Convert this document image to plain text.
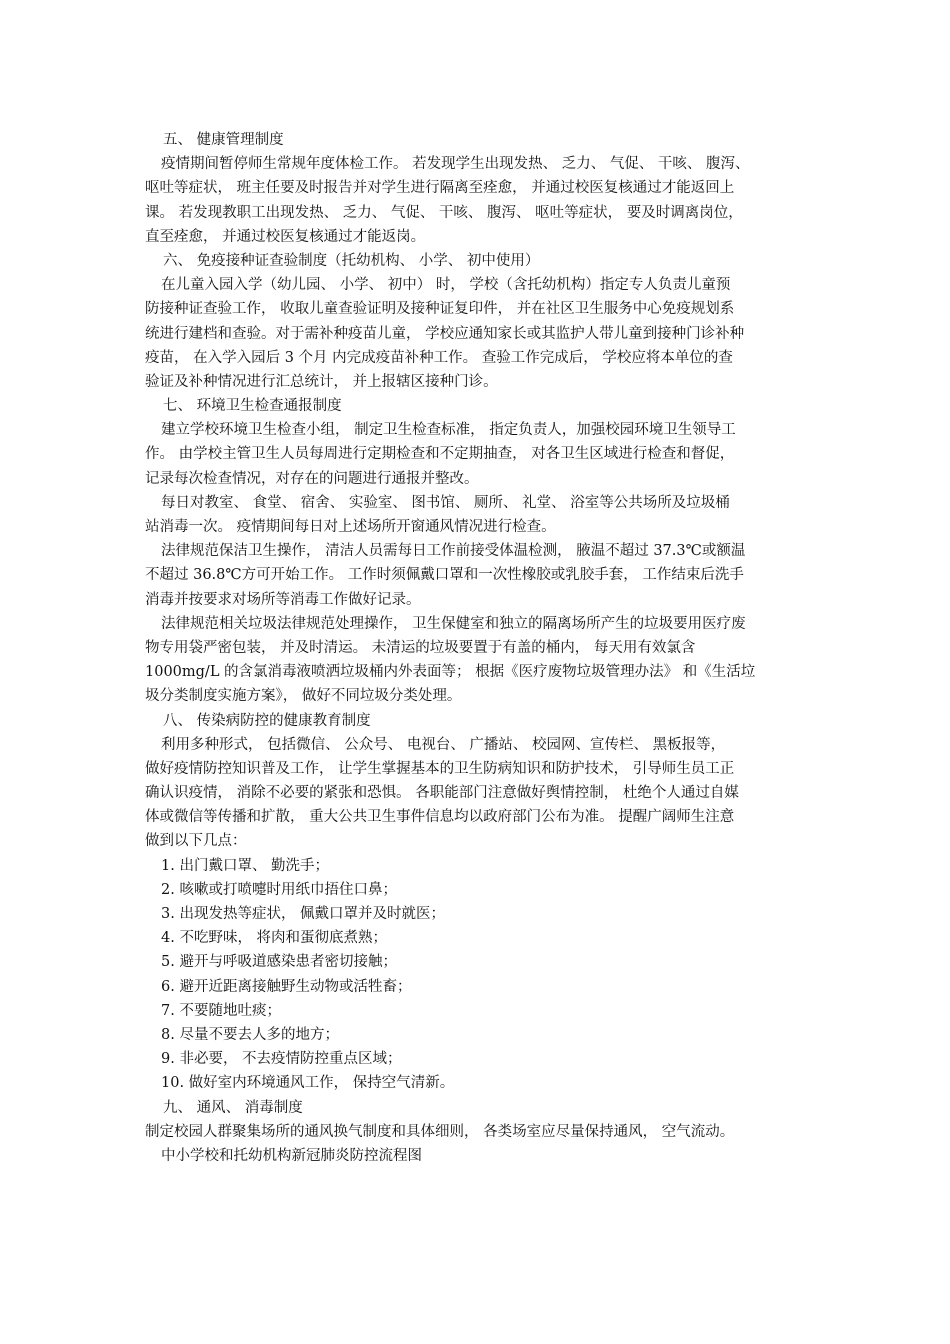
五、 健康管理制度
疫情期间暂停师生常规年度体检工作。 若发现学生出现发热、 乏力、 气促、 干咳、 腹泻、
呕吐等症状， 班主任要及时报告并对学生进行隔离至痊愈， 并通过校医复核通过才能返回上
课。 若发现教职工出现发热、 乏力、 气促、 干咳、 腹泻、 呕吐等症状， 要及时调离岗位，
直至痊愈， 并通过校医复核通过才能返岗。
六、 免疫接种证查验制度（托幼机构、 小学、 初中使用）
在儿童入园入学（幼儿园、 小学、 初中） 时， 学校（含托幼机构）指定专人负责儿童预
防接种证查验工作， 收取儿童查验证明及接种证复印件， 并在社区卫生服务中心免疫规划系
统进行建档和查验。对于需补种疫苗儿童， 学校应通知家长或其监护人带儿童到接种门诊补种
疫苗， 在入学入园后 3 个月 内完成疫苗补种工作。 查验工作完成后， 学校应将本单位的查
验证及补种情况进行汇总统计， 并上报辖区接种门诊。
七、 环境卫生检查通报制度
建立学校环境卫生检查小组， 制定卫生检查标准， 指定负责人，加强校园环境卫生领导工
作。 由学校主管卫生人员每周进行定期检查和不定期抽查， 对各卫生区域进行检查和督促，
记录每次检查情况，对存在的问题进行通报并整改。
每日对教室、 食堂、 宿舍、 实验室、 图书馆、 厕所、 礼堂、 浴室等公共场所及垃圾桶
站消毒一次。 疫情期间每日对上述场所开窗通风情况进行检查。
法律规范保洁卫生操作， 清洁人员需每日工作前接受体温检测， 腋温不超过 37.3℃或额温
不超过 36.8℃方可开始工作。 工作时须佩戴口罩和一次性橡胶或乳胶手套， 工作结束后洗手
消毒并按要求对场所等消毒工作做好记录。
法律规范相关垃圾法律规范处理操作， 卫生保健室和独立的隔离场所产生的垃圾要用医疗废
物专用袋严密包装， 并及时清运。 未清运的垃圾要置于有盖的桶内， 每天用有效氯含
1000mg/L 的含氯消毒液喷洒垃圾桶内外表面等； 根据《医疗废物垃圾管理办法》 和《生活垃
圾分类制度实施方案》， 做好不同垃圾分类处理。
八、 传染病防控的健康教育制度
利用多种形式， 包括微信、 公众号、 电视台、 广播站、 校园网、宣传栏、 黑板报等，
做好疫情防控知识普及工作， 让学生掌握基本的卫生防病知识和防护技术， 引导师生员工正
确认识疫情， 消除不必要的紧张和恐惧。 各职能部门注意做好舆情控制， 杜绝个人通过自媒
体或微信等传播和扩散， 重大公共卫生事件信息均以政府部门公布为准。 提醒广阔师生注意
做到以下几点：
1. 出门戴口罩、 勤洗手；
2. 咳嗽或打喷嚏时用纸巾捂住口鼻；
3. 出现发热等症状， 佩戴口罩并及时就医；
4. 不吃野味， 将肉和蛋彻底煮熟；
5. 避开与呼吸道感染患者密切接触；
6. 避开近距离接触野生动物或活牲畜；
7. 不要随地吐痰；
8. 尽量不要去人多的地方；
9. 非必要， 不去疫情防控重点区域；
10. 做好室内环境通风工作， 保持空气清新。
九、 通风、 消毒制度
制定校园人群聚集场所的通风换气制度和具体细则， 各类场室应尽量保持通风， 空气流动。
中小学校和托幼机构新冠肺炎防控流程图
